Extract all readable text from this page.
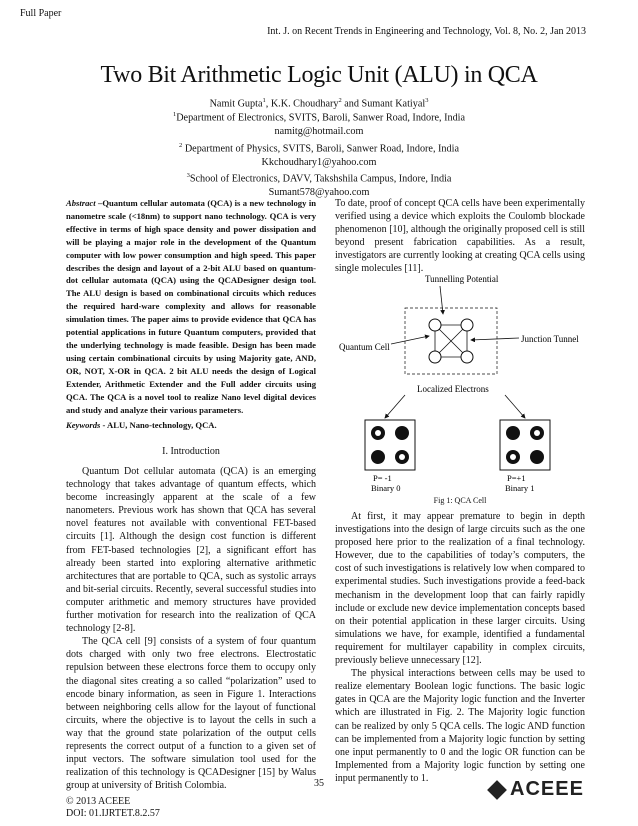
Full Paper
Int. J. on Recent Trends in Engineering and Technology, Vol. 8, No. 2, Jan 2013
Two Bit Arithmetic Logic Unit (ALU) in QCA
Namit Gupta$^1$, K.K. Choudhary$^2$ and Sumant Katiyal$^3$
$^1$Department of Electronics, SVITS, Baroli, Sanwer Road, Indore, India
namitg@hotmail.com
$^2$ Department of Physics, SVITS, Baroli, Sanwer Road, Indore, India
Kkchoudhary1@yahoo.com
$^3$School of Electronics, DAVV, Takshshila Campus, Indore, India
Sumant578@yahoo.com
Abstract –Quantum cellular automata (QCA) is a new technology in nanometre scale (<18nm) to support nano technology. QCA is very effective in terms of high space density and power dissipation and will be playing a major role in the development of the Quantum computer with low power consumption and high speed. This paper describes the design and layout of a 2-bit ALU based on quantum-dot cellular automata (QCA) using the QCADesigner design tool. The ALU design is based on combinational circuits which reduces the required hard-ware complexity and allows for reasonable simulation times. The paper aims to provide evidence that QCA has potential applications in future Quantum computers, provided that the underlying technology is made feasible. Design has been made using certain combinational circuits by using Majority gate, AND, OR, NOT, X-OR in QCA. 2 bit ALU needs the design of Logical Extender, Arithmetic Extender and the Full adder circuits using QCA. The QCA is a novel tool to realize Nano level digital devices and study and analyze their various parameters.
Keywords - ALU, Nano-technology, QCA.
I. Introduction

Quantum Dot cellular automata (QCA) is an emerging technology that takes advantage of quantum effects, which become increasingly apparent at the scale of a few nanometers. Previous work has shown that QCA has several novel features not available with conventional FET-based circuits [1]. Although the design cost function is different from FET-based technologies [2], a significant effort has already been started into exploring alternative arithmetic architectures that are portable to QCA, such as systolic arrays and bit-serial circuits. Recently, several successful studies into computer arithmetic and memory structures have provided further motivation for research into the realization of QCA technology [2-8].

The QCA cell [9] consists of a system of four quantum dots charged with only two free electrons. Electrostatic repulsion between these electrons force them to occupy only the diagonal sites creating a so called “polarization” used to encode binary information, as seen in Figure 1. Interactions between neighboring cells allow for the layout of functional circuits, where the objective is to layout the cells in such a way that the ground state polarization of the output cells represents the correct output of a function to a given set of input vectors. The software simulation tool used for the realization of this technology is QCADesigner [15] by Walus group at university of British Colombia.

To date, proof of concept QCA cells have been experimentally verified using a device which exploits the Coulomb blockade phenomenon [10], although the originally proposed cell is still beyond present fabrication capabilities. As a result, investigators are currently looking at creating QCA cells using single molecules [11].

Tunnelling Potential
Quantum Cell
Junction Tunnel
Localized Electrons
P= -1
Binary 0
P=+1
Binary 1
Fig 1: QCA Cell

At first, it may appear premature to begin in depth investigations into the design of large circuits such as the one proposed here prior to the realization of a final technology. However, due to the capabilities of today’s computers, the cost of such investigations is relatively low when compared to experimental studies. Such investigations provide a feed-back mechanism in the development loop that can fairly rapidly include or exclude new device implementation concepts based on their potential application in these larger circuits. Using simulations we have, for example, identified a fundamental requirement for multilayer capability in complex circuits, previously believe unnecessary [12].

The physical interactions between cells may be used to realize elementary Boolean logic functions. The basic logic gates in QCA are the Majority logic function and the Inverter which are illustrated in Fig. 2. The Majority logic function can be realized by only 5 QCA cells. The logic AND function can be implemented from a Majority logic function by setting one input permanently to 0 and the logic OR function can be Implemented from a Majority logic function by setting one input permanently to 1.

35
© 2013 ACEEE
DOI: 01.IJRTET.8.2.57
ACEEE
